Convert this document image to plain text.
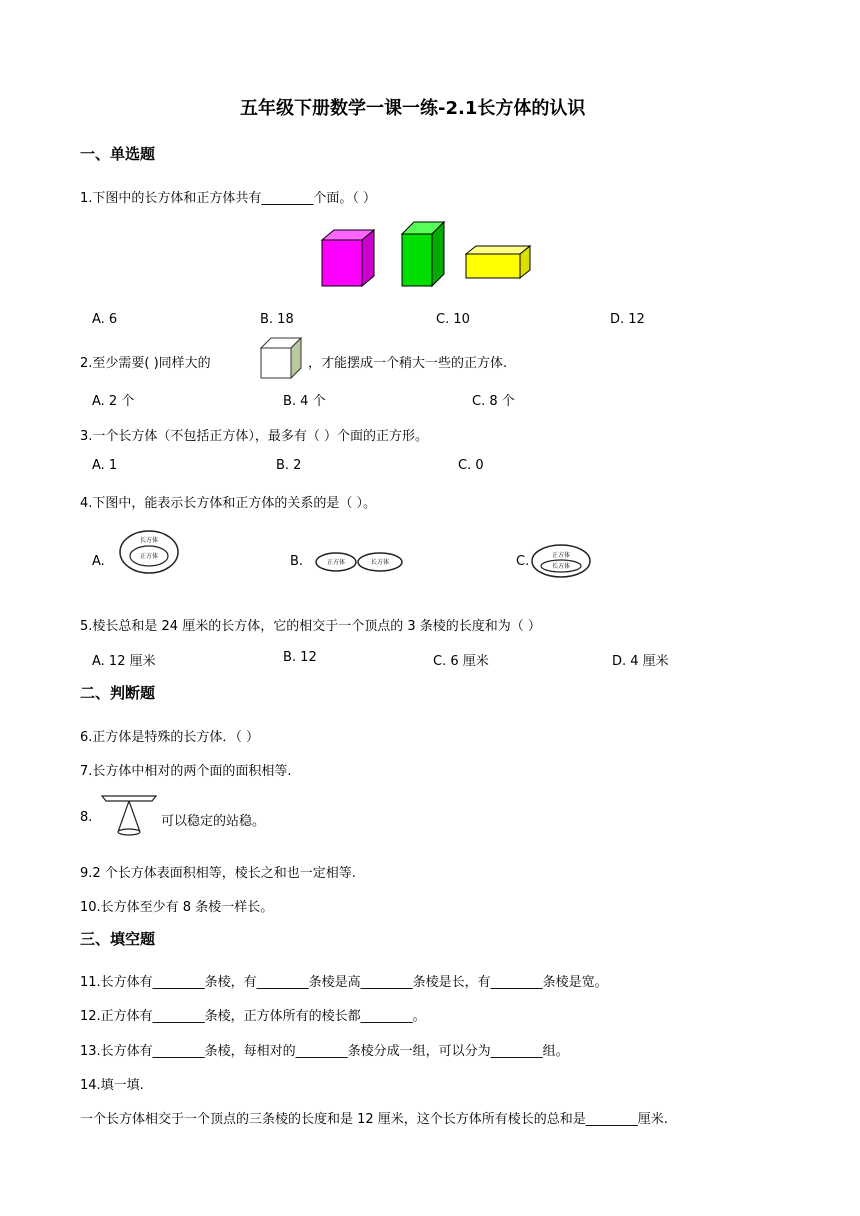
五年级下册数学一课一练-2.1长方体的认识
一、单选题
1.下图中的长方体和正方体共有________个面。（ ）
A. 6	B. 18	C. 10	D. 12
2.至少需要( )同样大的	，才能摆成一个稍大一些的正方体.
A. 2 个	B. 4 个	C. 8 个
3.一个长方体（不包括正方体），最多有（ ）个面的正方形。
A. 1	B. 2	C. 0
4.下图中，能表示长方体和正方体的关系的是（ ）。
A.
长方体
正方体	B.	正方体	长方体	C.	正方体
长方体
5.棱长总和是 24 厘米的长方体，它的相交于一个顶点的 3 条棱的长度和为（ ）
A. 12 厘米	B. 12	C. 6 厘米	D. 4 厘米
二、判断题
6.正方体是特殊的长方体．（ ）
7.长方体中相对的两个面的面积相等.
8.	可以稳定的站稳。
9.2 个长方体表面积相等，棱长之和也一定相等.
10.长方体至少有 8 条棱一样长。
三、填空题
11.长方体有________条棱，有________条棱是高________条棱是长，有________条棱是宽。
12.正方体有________条棱，正方体所有的棱长都________。
13.长方体有________条棱，每相对的________条棱分成一组，可以分为________组。
14.填一填.
一个长方体相交于一个顶点的三条棱的长度和是 12 厘米，这个长方体所有棱长的总和是________厘米.
